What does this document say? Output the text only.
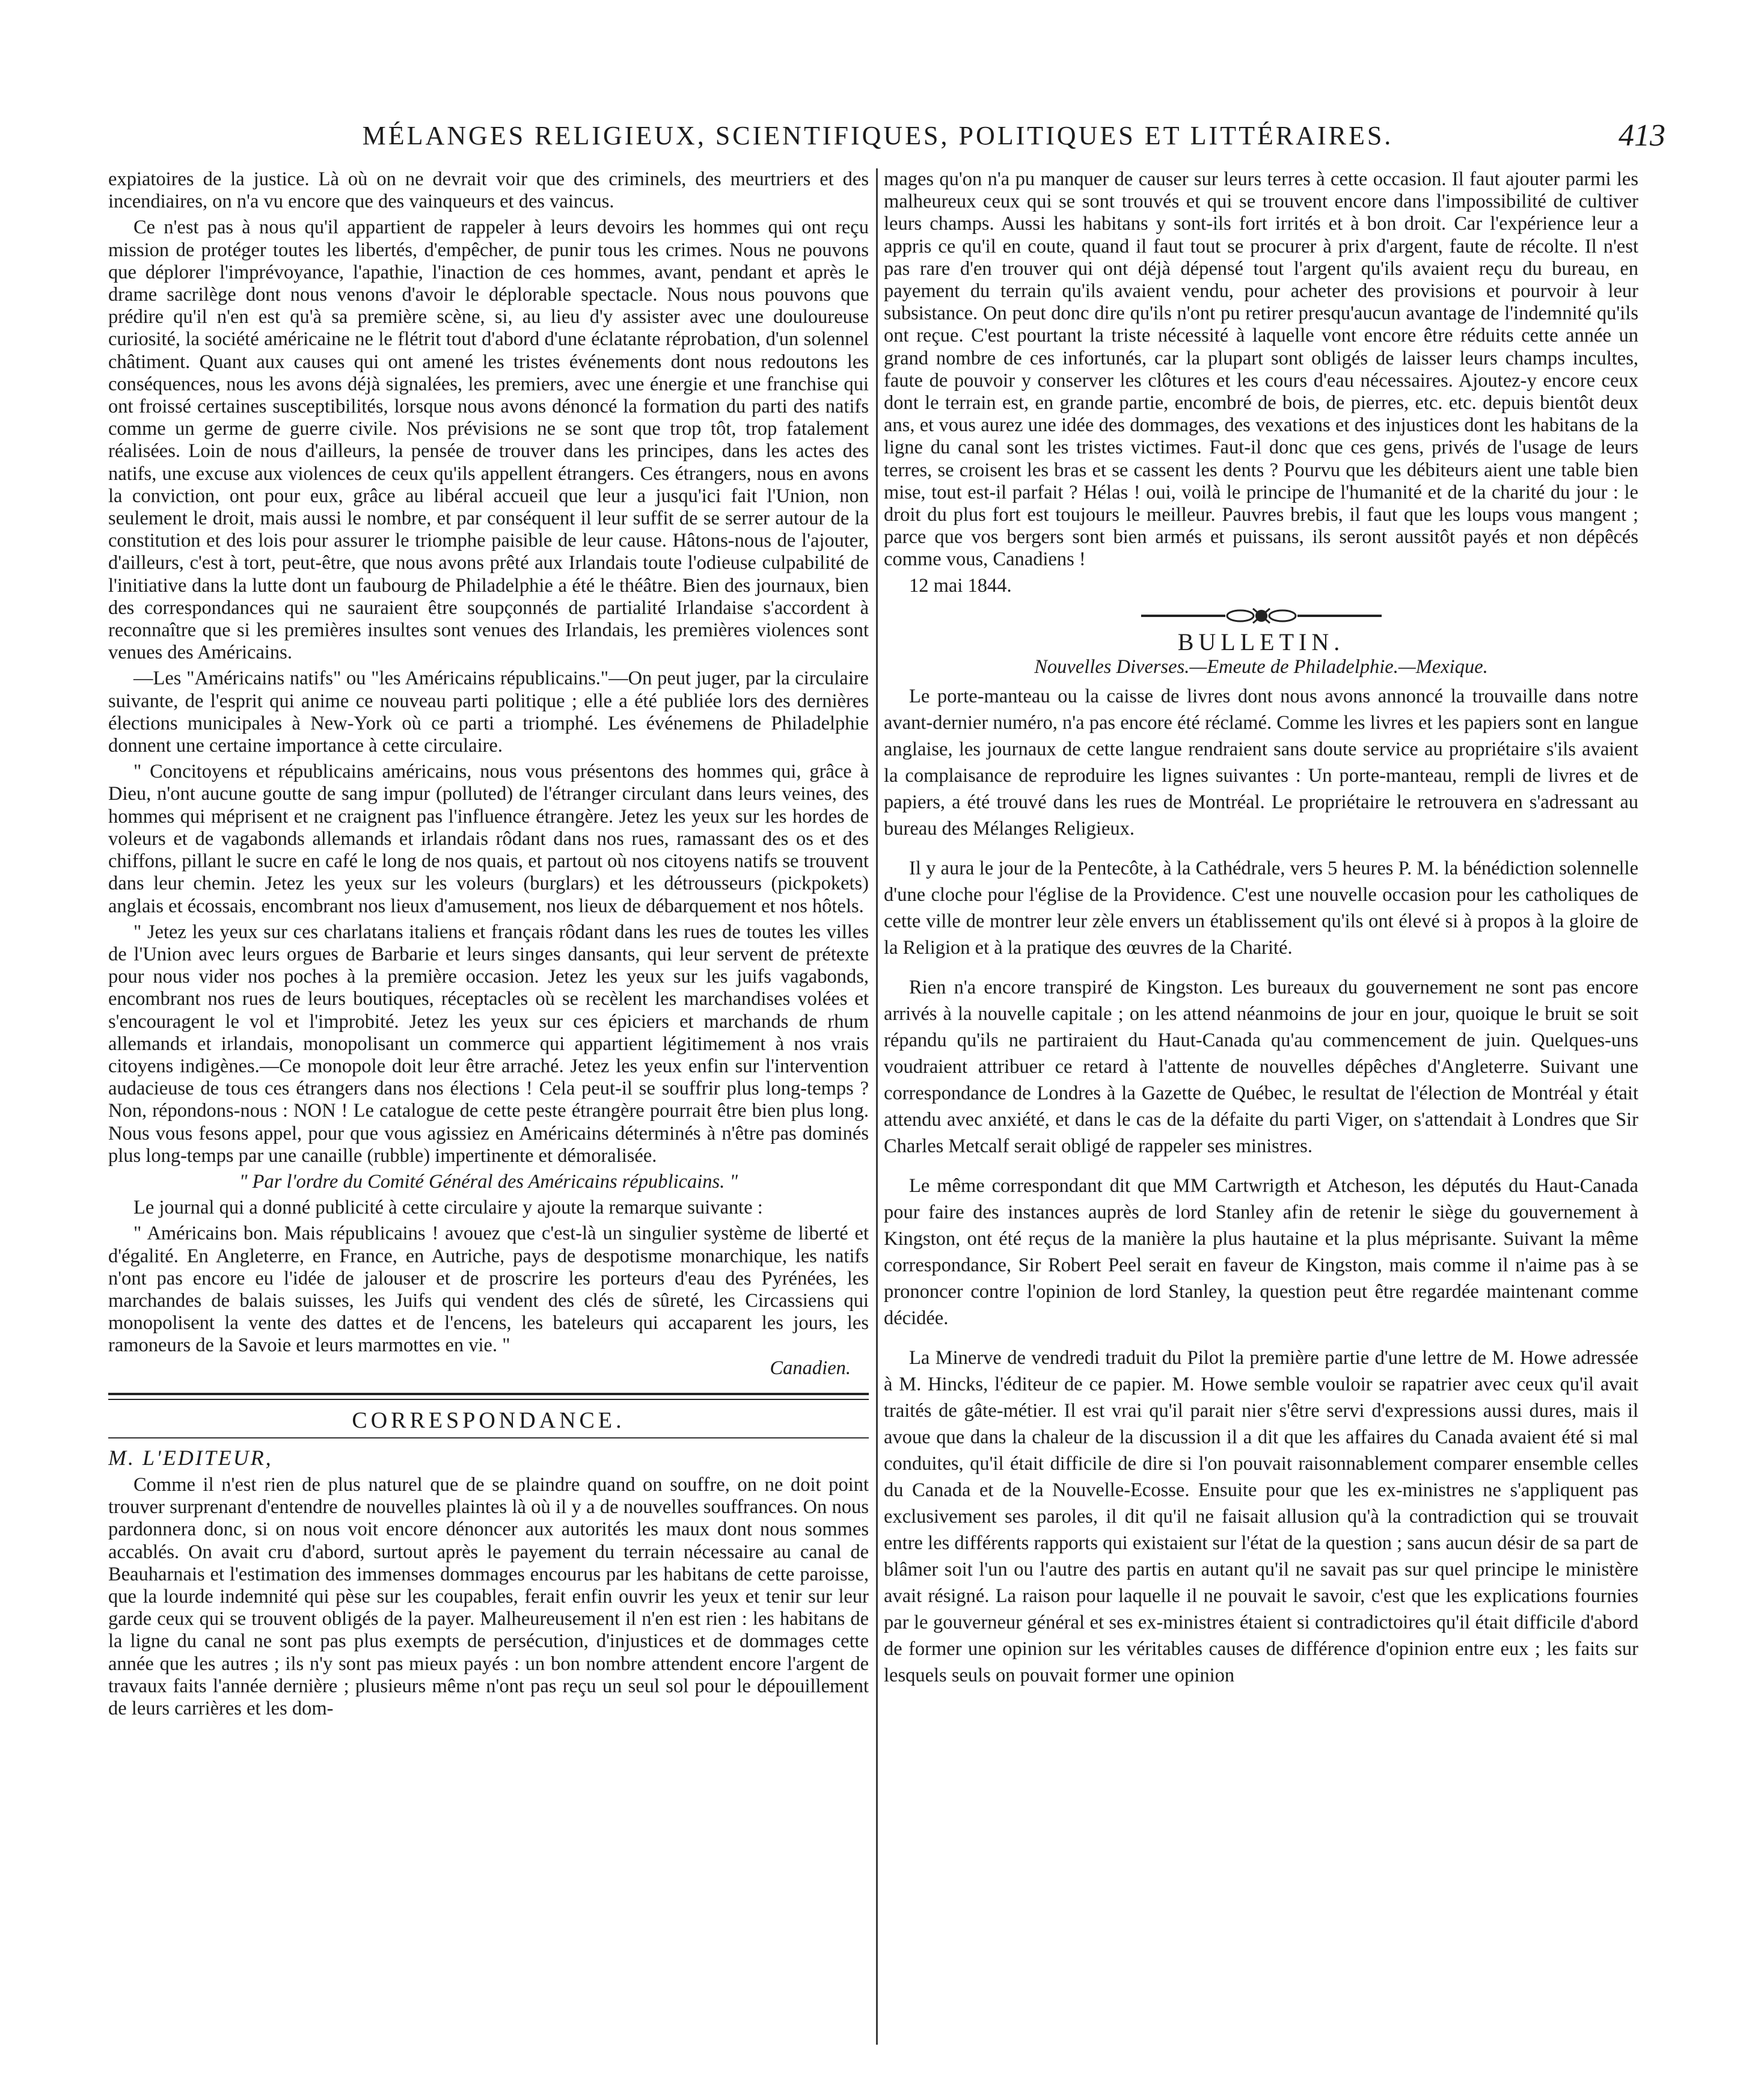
MÉLANGES RELIGIEUX, SCIENTIFIQUES, POLITIQUES ET LITTÉRAIRES.	413

expiatoires de la justice. Là où on ne devrait voir que des criminels, des meurtriers et des incendiaires, on n'a vu encore que des vainqueurs et des vaincus.

Ce n'est pas à nous qu'il appartient de rappeler à leurs devoirs les hommes qui ont reçu mission de protéger toutes les libertés, d'empêcher, de punir tous les crimes. Nous ne pouvons que déplorer l'imprévoyance, l'apathie, l'inaction de ces hommes, avant, pendant et après le drame sacrilège dont nous venons d'avoir le déplorable spectacle. Nous nous pouvons que prédire qu'il n'en est qu'à sa première scène, si, au lieu d'y assister avec une douloureuse curiosité, la société américaine ne le flétrit tout d'abord d'une éclatante réprobation, d'un solennel châtiment. Quant aux causes qui ont amené les tristes événements dont nous redoutons les conséquences, nous les avons déjà signalées, les premiers, avec une énergie et une franchise qui ont froissé certaines susceptibilités, lorsque nous avons dénoncé la formation du parti des natifs comme un germe de guerre civile. Nos prévisions ne se sont que trop tôt, trop fatalement réalisées. Loin de nous d'ailleurs, la pensée de trouver dans les principes, dans les actes des natifs, une excuse aux violences de ceux qu'ils appellent étrangers. Ces étrangers, nous en avons la conviction, ont pour eux, grâce au libéral accueil que leur a jusqu'ici fait l'Union, non seulement le droit, mais aussi le nombre, et par conséquent il leur suffit de se serrer autour de la constitution et des lois pour assurer le triomphe paisible de leur cause. Hâtons-nous de l'ajouter, d'ailleurs, c'est à tort, peut-être, que nous avons prêté aux Irlandais toute l'odieuse culpabilité de l'initiative dans la lutte dont un faubourg de Philadelphie a été le théâtre. Bien des journaux, bien des correspondances qui ne sauraient être soupçonnés de partialité Irlandaise s'accordent à reconnaître que si les premières insultes sont venues des Irlandais, les premières violences sont venues des Américains.

—Les "Américains natifs" ou "les Américains républicains."—On peut juger, par la circulaire suivante, de l'esprit qui anime ce nouveau parti politique ; elle a été publiée lors des dernières élections municipales à New-York où ce parti a triomphé. Les événemens de Philadelphie donnent une certaine importance à cette circulaire.

" Concitoyens et républicains américains, nous vous présentons des hommes qui, grâce à Dieu, n'ont aucune goutte de sang impur (polluted) de l'étranger circulant dans leurs veines, des hommes qui méprisent et ne craignent pas l'influence étrangère. Jetez les yeux sur les hordes de voleurs et de vagabonds allemands et irlandais rôdant dans nos rues, ramassant des os et des chiffons, pillant le sucre en café le long de nos quais, et partout où nos citoyens natifs se trouvent dans leur chemin. Jetez les yeux sur les voleurs (burglars) et les détrousseurs (pickpokets) anglais et écossais, encombrant nos lieux d'amusement, nos lieux de débarquement et nos hôtels.

" Jetez les yeux sur ces charlatans italiens et français rôdant dans les rues de toutes les villes de l'Union avec leurs orgues de Barbarie et leurs singes dansants, qui leur servent de prétexte pour nous vider nos poches à la première occasion. Jetez les yeux sur les juifs vagabonds, encombrant nos rues de leurs boutiques, réceptacles où se recèlent les marchandises volées et s'encouragent le vol et l'improbité. Jetez les yeux sur ces épiciers et marchands de rhum allemands et irlandais, monopolisant un commerce qui appartient légitimement à nos vrais citoyens indigènes.—Ce monopole doit leur être arraché. Jetez les yeux enfin sur l'intervention audacieuse de tous ces étrangers dans nos élections ! Cela peut-il se souffrir plus long-temps ? Non, répondons-nous : NON ! Le catalogue de cette peste étrangère pourrait être bien plus long. Nous vous fesons appel, pour que vous agissiez en Américains déterminés à n'être pas dominés plus long-temps par une canaille (rubble) impertinente et démoralisée.

" Par l'ordre du Comité Général des Américains républicains. "

Le journal qui a donné publicité à cette circulaire y ajoute la remarque suivante :

" Américains bon. Mais républicains ! avouez que c'est-là un singulier système de liberté et d'égalité. En Angleterre, en France, en Autriche, pays de despotisme monarchique, les natifs n'ont pas encore eu l'idée de jalouser et de proscrire les porteurs d'eau des Pyrénées, les marchandes de balais suisses, les Juifs qui vendent des clés de sûreté, les Circassiens qui monopolisent la vente des dattes et de l'encens, les bateleurs qui accaparent les jours, les ramoneurs de la Savoie et leurs marmottes en vie. "
Canadien.

CORRESPONDANCE.

M. L'EDITEUR,

Comme il n'est rien de plus naturel que de se plaindre quand on souffre, on ne doit point trouver surprenant d'entendre de nouvelles plaintes là où il y a de nouvelles souffrances. On nous pardonnera donc, si on nous voit encore dénoncer aux autorités les maux dont nous sommes accablés. On avait cru d'abord, surtout après le payement du terrain nécessaire au canal de Beauharnais et l'estimation des immenses dommages encourus par les habitans de cette paroisse, que la lourde indemnité qui pèse sur les coupables, ferait enfin ouvrir les yeux et tenir sur leur garde ceux qui se trouvent obligés de la payer. Malheureusement il n'en est rien : les habitans de la ligne du canal ne sont pas plus exempts de persécution, d'injustices et de dommages cette année que les autres ; ils n'y sont pas mieux payés : un bon nombre attendent encore l'argent de travaux faits l'année dernière ; plusieurs même n'ont pas reçu un seul sol pour le dépouillement de leurs carrières et les dom-

mages qu'on n'a pu manquer de causer sur leurs terres à cette occasion. Il faut ajouter parmi les malheureux ceux qui se sont trouvés et qui se trouvent encore dans l'impossibilité de cultiver leurs champs. Aussi les habitans y sont-ils fort irrités et à bon droit. Car l'expérience leur a appris ce qu'il en coute, quand il faut tout se procurer à prix d'argent, faute de récolte. Il n'est pas rare d'en trouver qui ont déjà dépensé tout l'argent qu'ils avaient reçu du bureau, en payement du terrain qu'ils avaient vendu, pour acheter des provisions et pourvoir à leur subsistance. On peut donc dire qu'ils n'ont pu retirer presqu'aucun avantage de l'indemnité qu'ils ont reçue. C'est pourtant la triste nécessité à laquelle vont encore être réduits cette année un grand nombre de ces infortunés, car la plupart sont obligés de laisser leurs champs incultes, faute de pouvoir y conserver les clôtures et les cours d'eau nécessaires. Ajoutez-y encore ceux dont le terrain est, en grande partie, encombré de bois, de pierres, etc. etc. depuis bientôt deux ans, et vous aurez une idée des dommages, des vexations et des injustices dont les habitans de la ligne du canal sont les tristes victimes. Faut-il donc que ces gens, privés de l'usage de leurs terres, se croisent les bras et se cassent les dents ? Pourvu que les débiteurs aient une table bien mise, tout est-il parfait ? Hélas ! oui, voilà le principe de l'humanité et de la charité du jour : le droit du plus fort est toujours le meilleur. Pauvres brebis, il faut que les loups vous mangent ; parce que vos bergers sont bien armés et puissans, ils seront aussitôt payés et non dépêcés comme vous, Canadiens !

12 mai 1844.

BULLETIN.

Nouvelles Diverses.—Emeute de Philadelphie.—Mexique.

Le porte-manteau ou la caisse de livres dont nous avons annoncé la trouvaille dans notre avant-dernier numéro, n'a pas encore été réclamé. Comme les livres et les papiers sont en langue anglaise, les journaux de cette langue rendraient sans doute service au propriétaire s'ils avaient la complaisance de reproduire les lignes suivantes : Un porte-manteau, rempli de livres et de papiers, a été trouvé dans les rues de Montréal. Le propriétaire le retrouvera en s'adressant au bureau des Mélanges Religieux.

Il y aura le jour de la Pentecôte, à la Cathédrale, vers 5 heures P. M. la bénédiction solennelle d'une cloche pour l'église de la Providence. C'est une nouvelle occasion pour les catholiques de cette ville de montrer leur zèle envers un établissement qu'ils ont élevé si à propos à la gloire de la Religion et à la pratique des œuvres de la Charité.

Rien n'a encore transpiré de Kingston. Les bureaux du gouvernement ne sont pas encore arrivés à la nouvelle capitale ; on les attend néanmoins de jour en jour, quoique le bruit se soit répandu qu'ils ne partiraient du Haut-Canada qu'au commencement de juin. Quelques-uns voudraient attribuer ce retard à l'attente de nouvelles dépêches d'Angleterre. Suivant une correspondance de Londres à la Gazette de Québec, le resultat de l'élection de Montréal y était attendu avec anxiété, et dans le cas de la défaite du parti Viger, on s'attendait à Londres que Sir Charles Metcalf serait obligé de rappeler ses ministres.

Le même correspondant dit que MM Cartwrigth et Atcheson, les députés du Haut-Canada pour faire des instances auprès de lord Stanley afin de retenir le siège du gouvernement à Kingston, ont été reçus de la manière la plus hautaine et la plus méprisante. Suivant la même correspondance, Sir Robert Peel serait en faveur de Kingston, mais comme il n'aime pas à se prononcer contre l'opinion de lord Stanley, la question peut être regardée maintenant comme décidée.

La Minerve de vendredi traduit du Pilot la première partie d'une lettre de M. Howe adressée à M. Hincks, l'éditeur de ce papier. M. Howe semble vouloir se rapatrier avec ceux qu'il avait traités de gâte-métier. Il est vrai qu'il parait nier s'être servi d'expressions aussi dures, mais il avoue que dans la chaleur de la discussion il a dit que les affaires du Canada avaient été si mal conduites, qu'il était difficile de dire si l'on pouvait raisonnablement comparer ensemble celles du Canada et de la Nouvelle-Ecosse. Ensuite pour que les ex-ministres ne s'appliquent pas exclusivement ses paroles, il dit qu'il ne faisait allusion qu'à la contradiction qui se trouvait entre les différents rapports qui existaient sur l'état de la question ; sans aucun désir de sa part de blâmer soit l'un ou l'autre des partis en autant qu'il ne savait pas sur quel principe le ministère avait résigné. La raison pour laquelle il ne pouvait le savoir, c'est que les explications fournies par le gouverneur général et ses ex-ministres étaient si contradictoires qu'il était difficile d'abord de former une opinion sur les véritables causes de différence d'opinion entre eux ; les faits sur lesquels seuls on pouvait former une opinion
